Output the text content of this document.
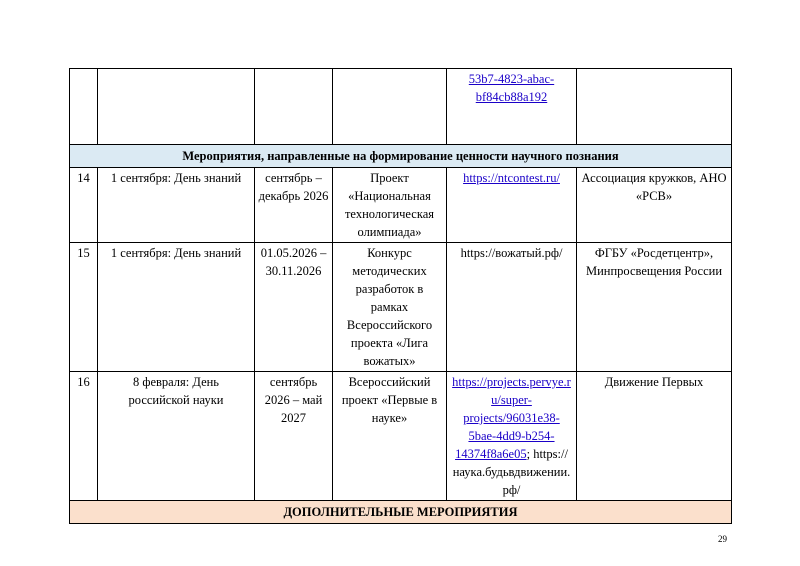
				53b7-4823-abac-
bf84cb88a192	
Мероприятия, направленные на формирование ценности научного познания					
14	1 сентября: День знаний	сентябрь – декабрь 2026	Проект «Национальная технологическая олимпиада»	https://ntcontest.ru/	Ассоциация кружков, АНО «РСВ»
15	1 сентября: День знаний	01.05.2026 – 30.11.2026	Конкурс методических разработок в рамках Всероссийского проекта «Лига вожатых»	https://вожатый.рф/	ФГБУ «Росдетцентр», Минпросвещения России
16	8 февраля: День российской науки	сентябрь 2026 – май 2027	Всероссийский проект «Первые в науке»	https://projects.pervye.ru/super-projects/96031e38-5bae-4dd9-b254-14374f8a6e05; https://наука.будьвдвижении.рф/	Движение Первых
ДОПОЛНИТЕЛЬНЫЕ МЕРОПРИЯТИЯ					
29
